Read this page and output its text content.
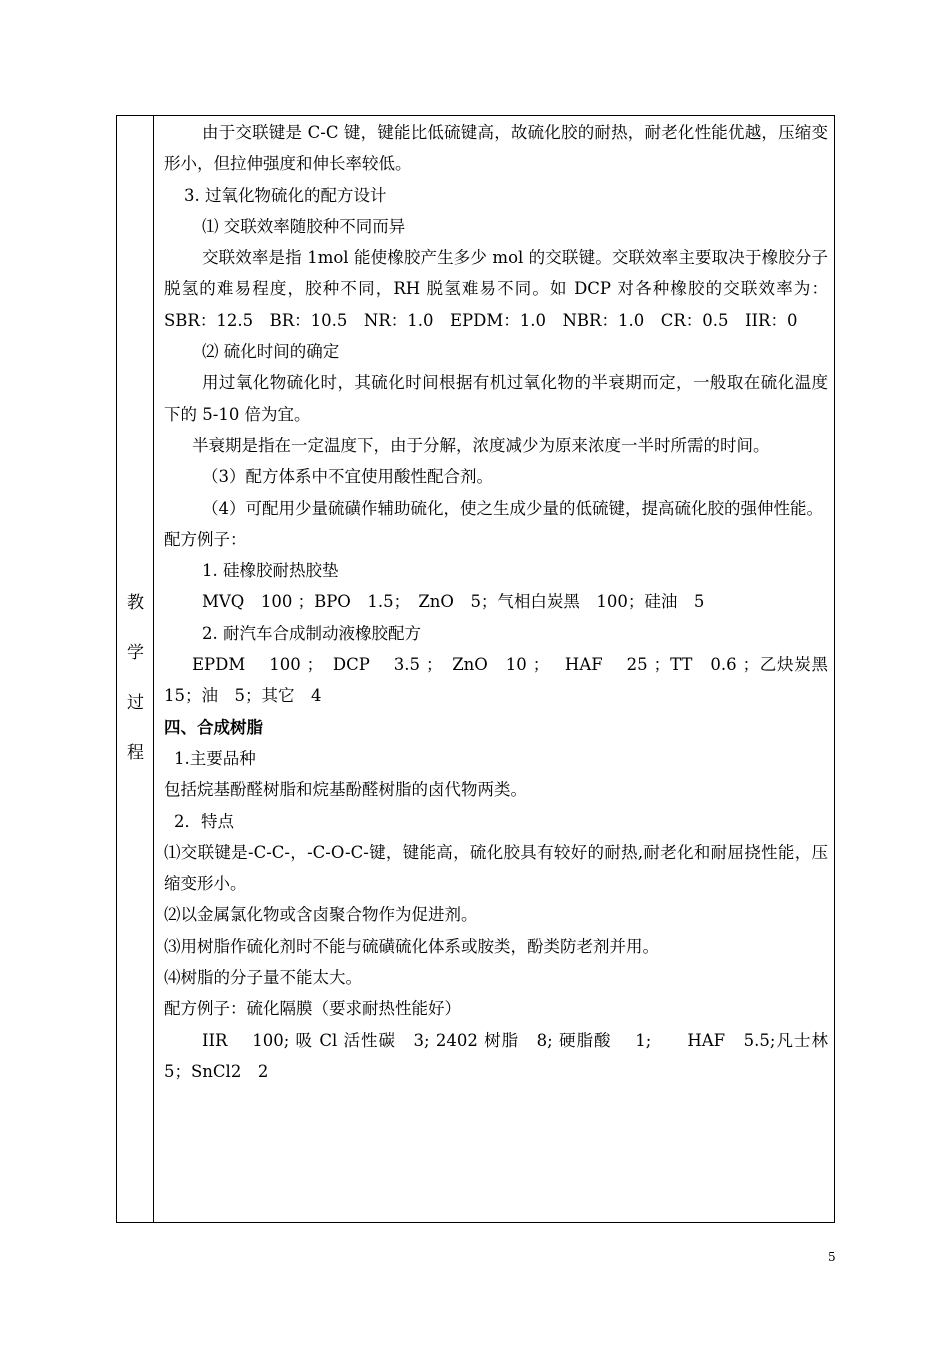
教
学
过
程

由于交联键是 C-C 键，键能比低硫键高，故硫化胶的耐热，耐老化性能优越，压缩变形小，但拉伸强度和伸长率较低。

3. 过氧化物硫化的配方设计

⑴ 交联效率随胶种不同而异

交联效率是指 1mol 能使橡胶产生多少 mol 的交联键。交联效率主要取决于橡胶分子脱氢的难易程度，胶种不同，RH 脱氢难易不同。如 DCP 对各种橡胶的交联效率为：SBR：12.5　BR：10.5　NR：1.0　EPDM：1.0　NBR：1.0　CR：0.5　IIR：0

⑵ 硫化时间的确定

用过氧化物硫化时，其硫化时间根据有机过氧化物的半衰期而定，一般取在硫化温度下的 5-10 倍为宜。

半衰期是指在一定温度下，由于分解，浓度减少为原来浓度一半时所需的时间。

（3）配方体系中不宜使用酸性配合剂。

（4）可配用少量硫磺作辅助硫化，使之生成少量的低硫键，提高硫化胶的强伸性能。

配方例子：

1. 硅橡胶耐热胶垫

MVQ　100 ；BPO　1.5；　ZnO　5；气相白炭黑　100；硅油　5

2. 耐汽车合成制动液橡胶配方

EPDM　 100 ；　DCP　 3.5 ；　ZnO　10 ；　 HAF　 25 ；TT　0.6 ；乙炔炭黑　15；油　5；其它　4

四、合成树脂

1.主要品种

包括烷基酚醛树脂和烷基酚醛树脂的卤代物两类。

2．特点

⑴交联键是-C-C-，-C-O-C-键，键能高，硫化胶具有较好的耐热,耐老化和耐屈挠性能，压缩变形小。

⑵以金属氯化物或含卤聚合物作为促进剂。

⑶用树脂作硫化剂时不能与硫磺硫化体系或胺类，酚类防老剂并用。

⑷树脂的分子量不能太大。

配方例子：硫化隔膜（要求耐热性能好）

IIR　 100; 吸 Cl 活性碳　3; 2402 树脂　8; 硬脂酸　 1;　　HAF　5.5;凡士林　5；SnCl2　2

5
